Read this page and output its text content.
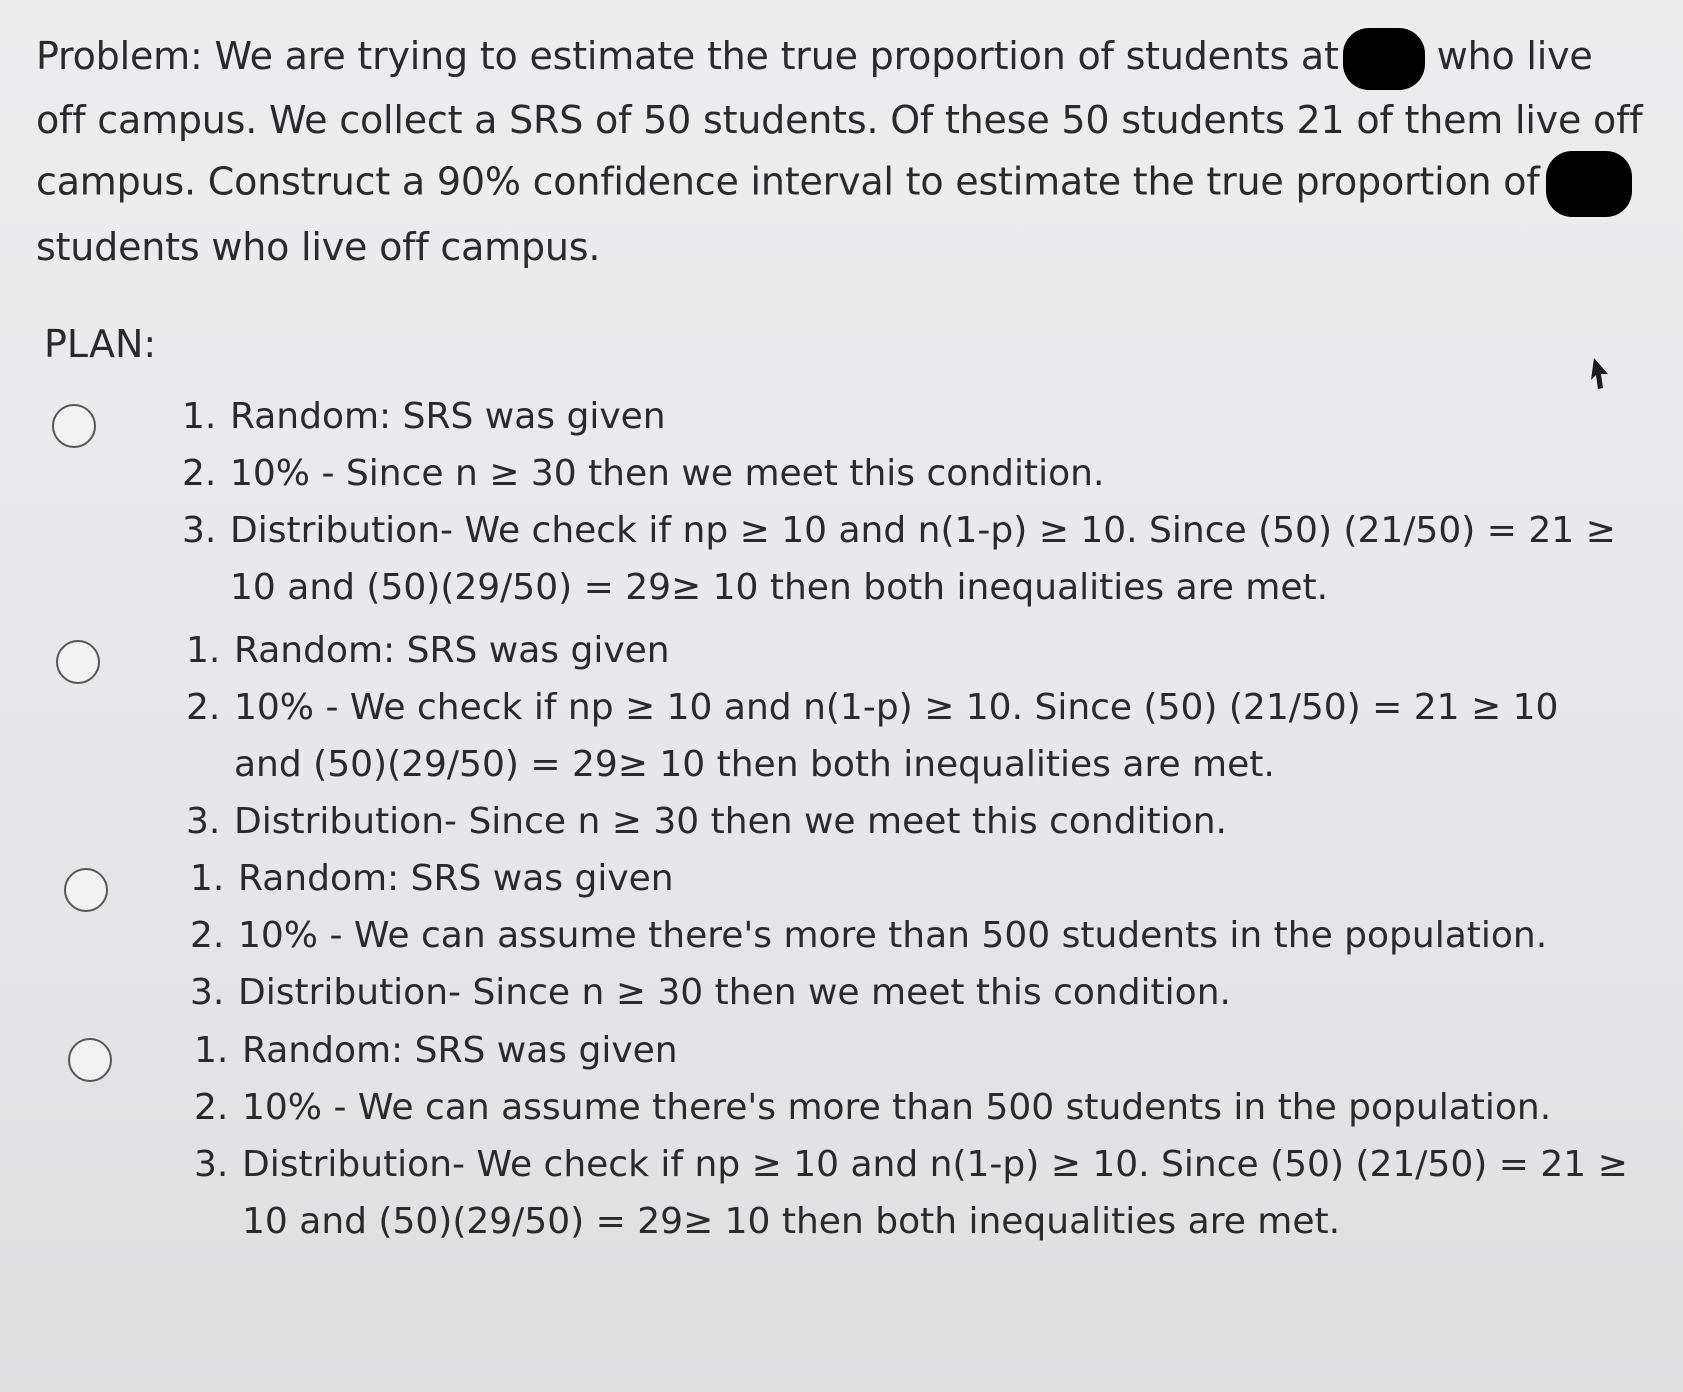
Problem: We are trying to estimate the true proportion of students at	who live off campus. We collect a SRS of 50 students. Of these 50 students 21 of them live off campus. Construct a 90% confidence interval to estimate the true proportion ofstudents who live off campus.

PLAN:
1. Random: SRS was given
2. 10% - Since n ≥ 30 then we meet this condition.
3. Distribution- We check if np ≥ 10 and n(1-p) ≥ 10. Since (50) (21/50) = 21 ≥ 10 and (50)(29/50) = 29≥ 10 then both inequalities are met.
1. Random: SRS was given
2. 10% - We check if np ≥ 10 and n(1-p) ≥ 10. Since (50) (21/50) = 21 ≥ 10 and (50)(29/50) = 29≥ 10 then both inequalities are met.
3. Distribution- Since n ≥ 30 then we meet this condition.
1. Random: SRS was given
2. 10% - We can assume there's more than 500 students in the population.
3. Distribution- Since n ≥ 30 then we meet this condition.
1. Random: SRS was given
2. 10% - We can assume there's more than 500 students in the population.
3. Distribution- We check if np ≥ 10 and n(1-p) ≥ 10. Since (50) (21/50) = 21 ≥ 10 and (50)(29/50) = 29≥ 10 then both inequalities are met.
